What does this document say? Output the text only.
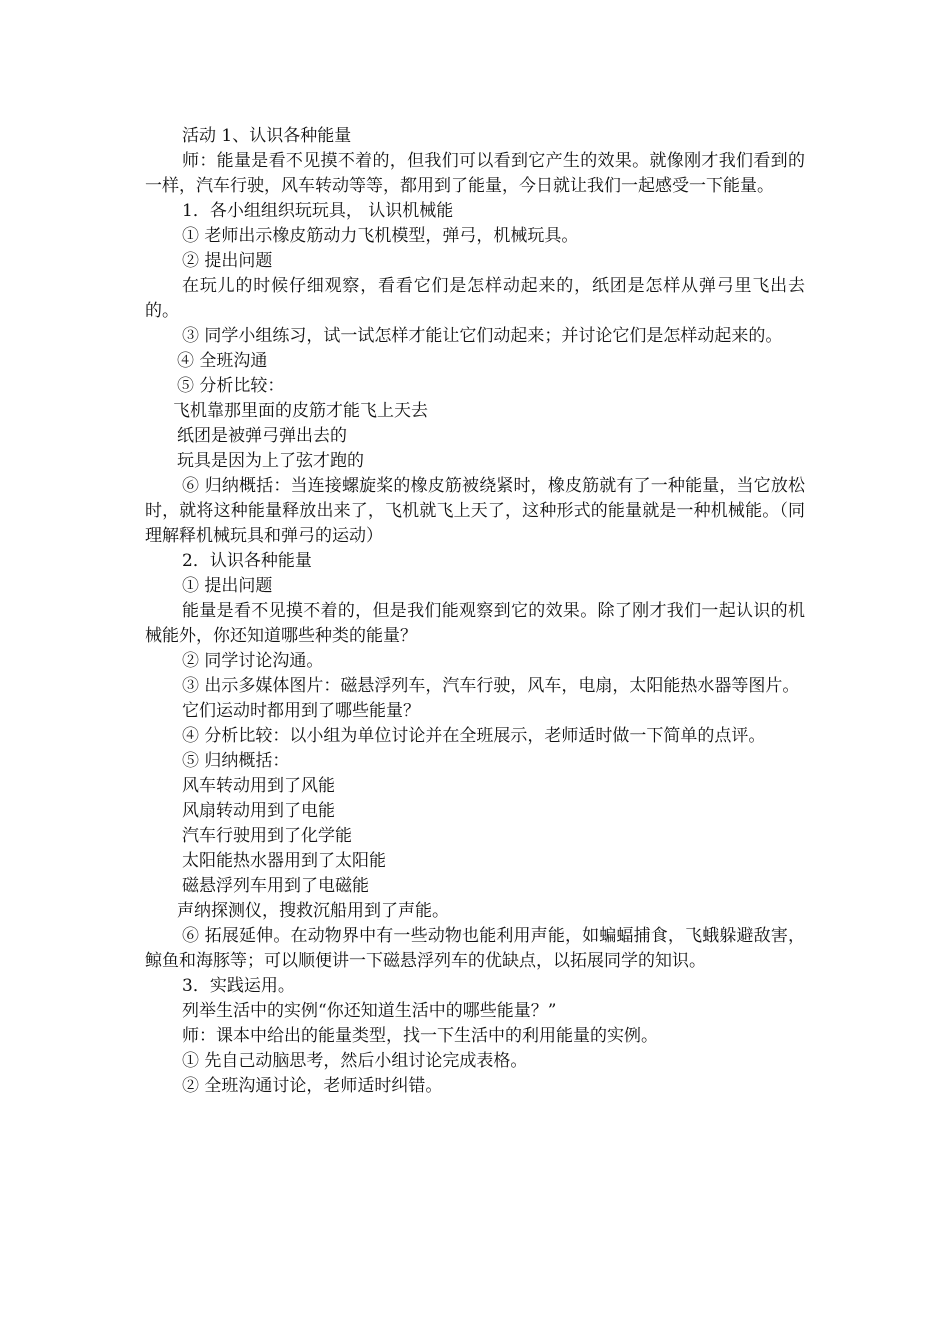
活动 1、认识各种能量

师：能量是看不见摸不着的，但我们可以看到它产生的效果。就像刚才我们看到的一样，汽车行驶，风车转动等等，都用到了能量，今日就让我们一起感受一下能量。

1．各小组组织玩玩具， 认识机械能

① 老师出示橡皮筋动力飞机模型，弹弓，机械玩具。

② 提出问题

在玩儿的时候仔细观察，看看它们是怎样动起来的，纸团是怎样从弹弓里飞出去的。

③ 同学小组练习，试一试怎样才能让它们动起来；并讨论它们是怎样动起来的。

④ 全班沟通

⑤ 分析比较：

飞机靠那里面的皮筋才能飞上天去

纸团是被弹弓弹出去的

玩具是因为上了弦才跑的

⑥ 归纳概括：当连接螺旋桨的橡皮筋被绕紧时，橡皮筋就有了一种能量，当它放松时，就将这种能量释放出来了，飞机就飞上天了，这种形式的能量就是一种机械能。（同理解释机械玩具和弹弓的运动）

2．认识各种能量

① 提出问题

能量是看不见摸不着的，但是我们能观察到它的效果。除了刚才我们一起认识的机械能外，你还知道哪些种类的能量？

② 同学讨论沟通。

③ 出示多媒体图片：磁悬浮列车，汽车行驶，风车，电扇，太阳能热水器等图片。

它们运动时都用到了哪些能量？

④ 分析比较：以小组为单位讨论并在全班展示，老师适时做一下简单的点评。

⑤ 归纳概括：

风车转动用到了风能

风扇转动用到了电能

汽车行驶用到了化学能

太阳能热水器用到了太阳能

磁悬浮列车用到了电磁能

声纳探测仪，搜救沉船用到了声能。

⑥ 拓展延伸。在动物界中有一些动物也能利用声能，如蝙蝠捕食，飞蛾躲避敌害，鲸鱼和海豚等；可以顺便讲一下磁悬浮列车的优缺点，以拓展同学的知识。

3．实践运用。

列举生活中的实例“你还知道生活中的哪些能量？”

师：课本中给出的能量类型，找一下生活中的利用能量的实例。

① 先自己动脑思考，然后小组讨论完成表格。

② 全班沟通讨论，老师适时纠错。
